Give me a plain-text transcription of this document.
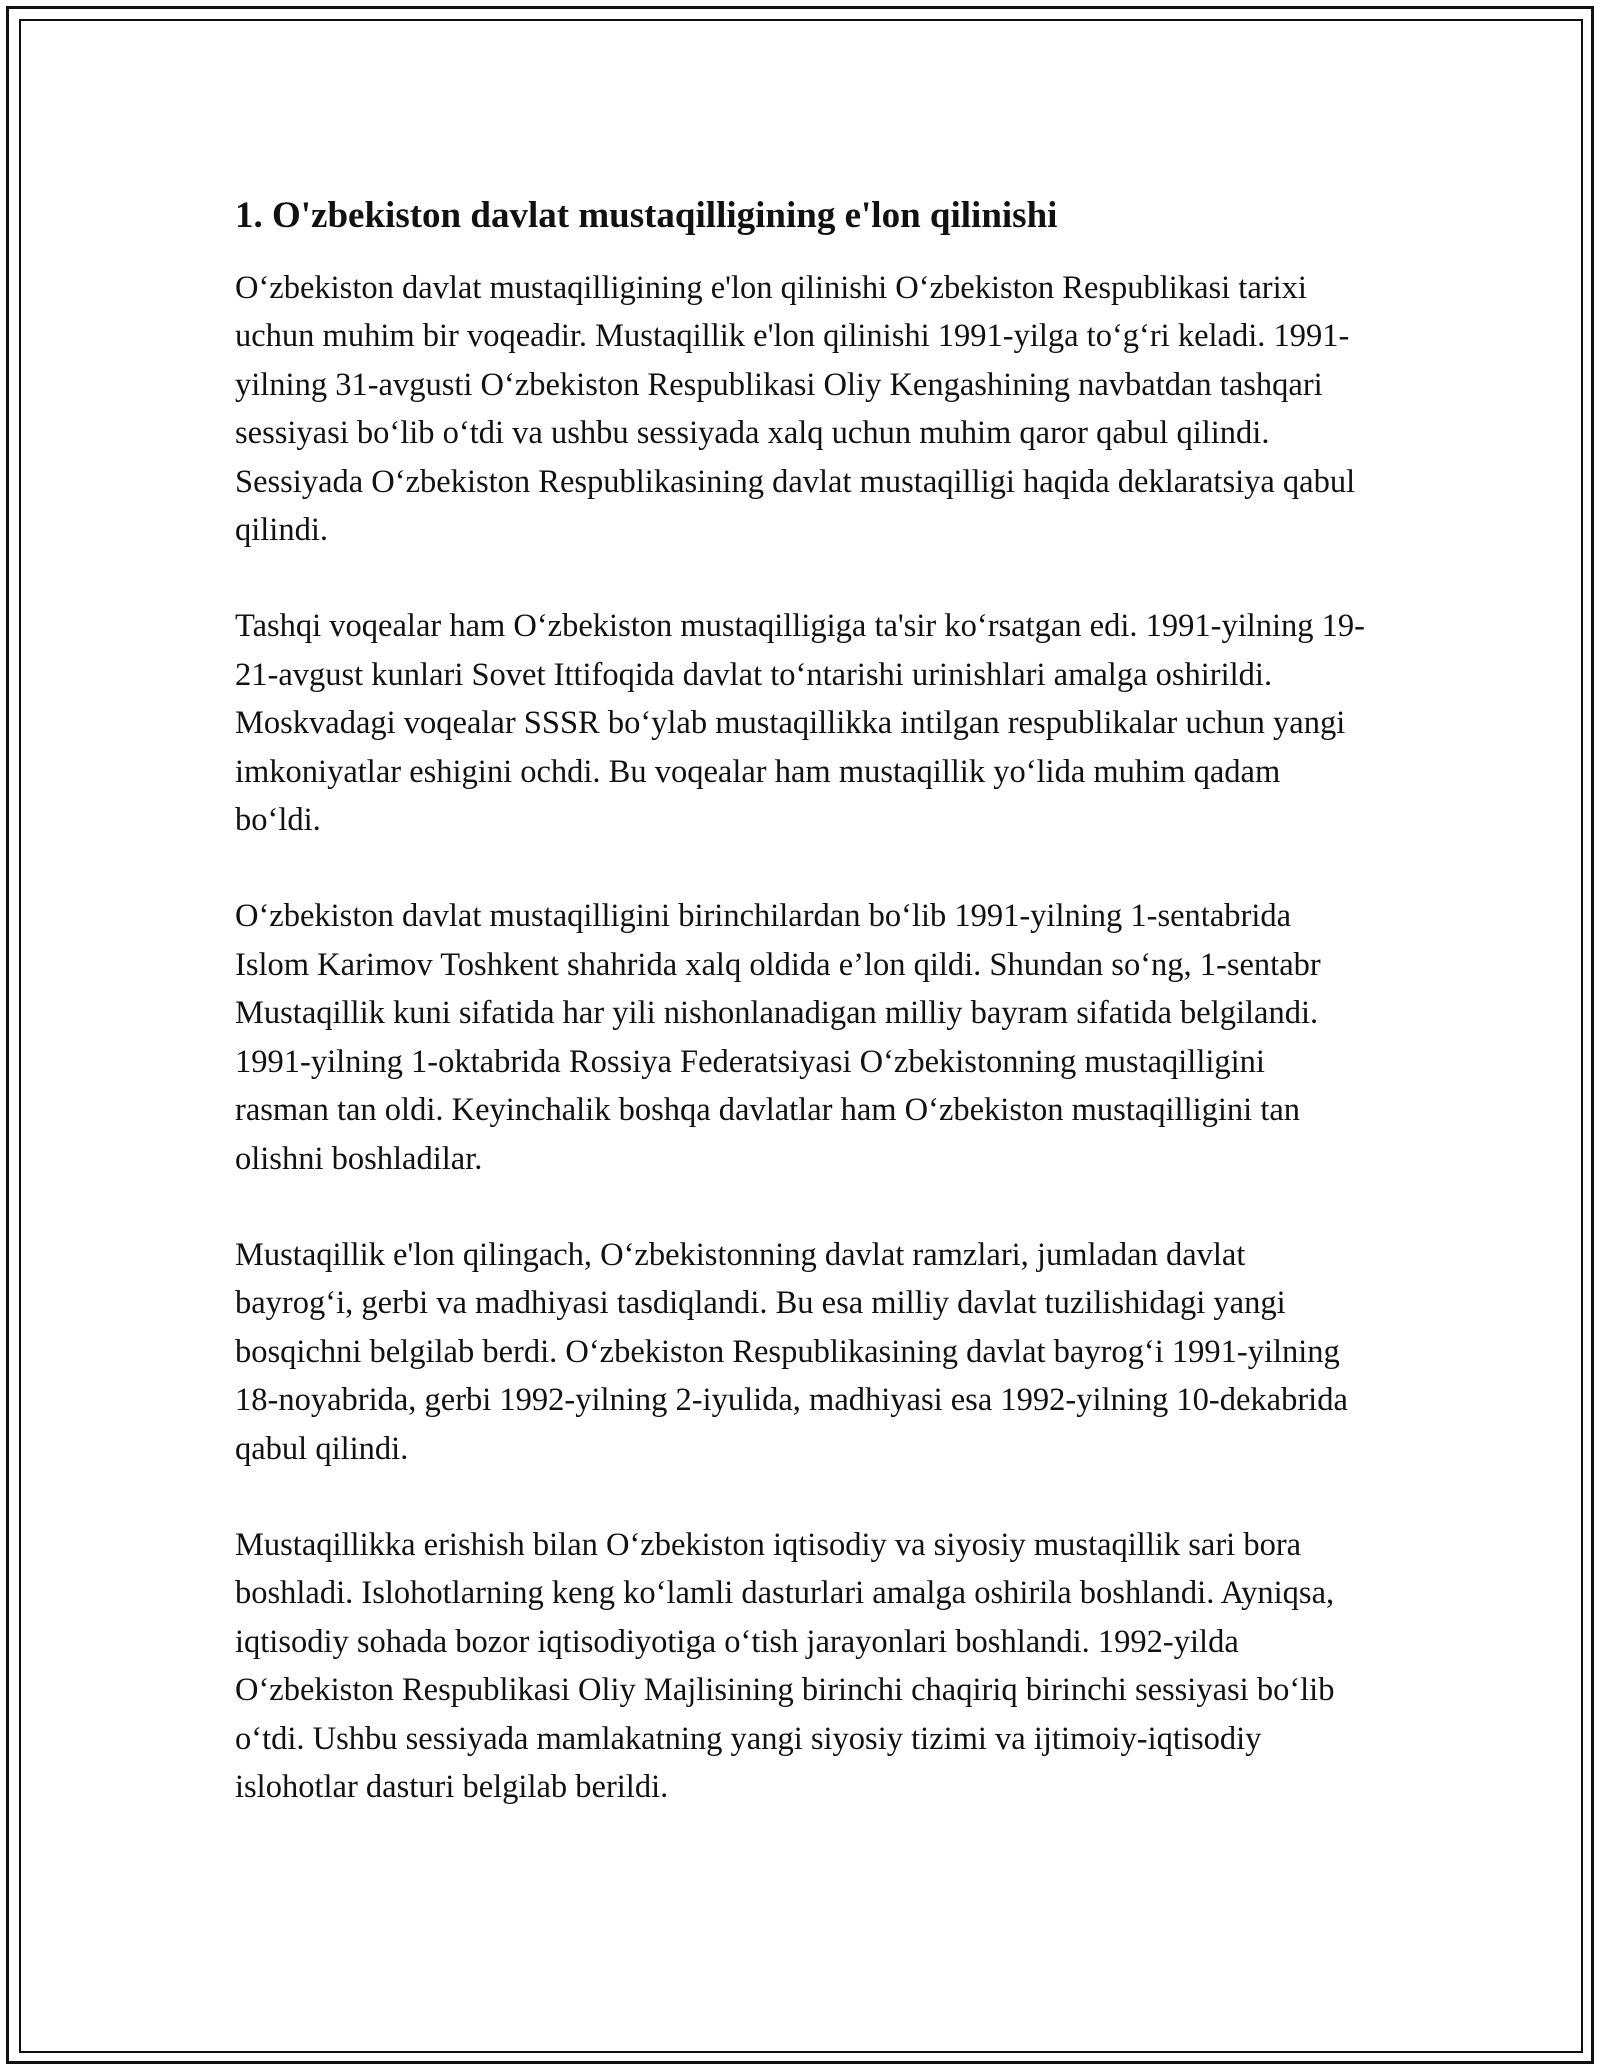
1. O'zbekiston davlat mustaqilligining e'lon qilinishi

O‘zbekiston davlat mustaqilligining e'lon qilinishi O‘zbekiston Respublikasi tarixi uchun muhim bir voqeadir. Mustaqillik e'lon qilinishi 1991-yilga to‘g‘ri keladi. 1991-yilning 31-avgusti O‘zbekiston Respublikasi Oliy Kengashining navbatdan tashqari sessiyasi bo‘lib o‘tdi va ushbu sessiyada xalq uchun muhim qaror qabul qilindi. Sessiyada O‘zbekiston Respublikasining davlat mustaqilligi haqida deklaratsiya qabul qilindi.

Tashqi voqealar ham O‘zbekiston mustaqilligiga ta'sir ko‘rsatgan edi. 1991-yilning 19-21-avgust kunlari Sovet Ittifoqida davlat to‘ntarishi urinishlari amalga oshirildi. Moskvadagi voqealar SSSR bo‘ylab mustaqillikka intilgan respublikalar uchun yangi imkoniyatlar eshigini ochdi. Bu voqealar ham mustaqillik yo‘lida muhim qadam bo‘ldi.

O‘zbekiston davlat mustaqilligini birinchilardan bo‘lib 1991-yilning 1-sentabrida Islom Karimov Toshkent shahrida xalq oldida e’lon qildi. Shundan so‘ng, 1-sentabr Mustaqillik kuni sifatida har yili nishonlanadigan milliy bayram sifatida belgilandi. 1991-yilning 1-oktabrida Rossiya Federatsiyasi O‘zbekistonning mustaqilligini rasman tan oldi. Keyinchalik boshqa davlatlar ham O‘zbekiston mustaqilligini tan olishni boshladilar.

Mustaqillik e'lon qilingach, O‘zbekistonning davlat ramzlari, jumladan davlat bayrog‘i, gerbi va madhiyasi tasdiqlandi. Bu esa milliy davlat tuzilishidagi yangi bosqichni belgilab berdi. O‘zbekiston Respublikasining davlat bayrog‘i 1991-yilning 18-noyabrida, gerbi 1992-yilning 2-iyulida, madhiyasi esa 1992-yilning 10-dekabrida qabul qilindi.

Mustaqillikka erishish bilan O‘zbekiston iqtisodiy va siyosiy mustaqillik sari bora boshladi. Islohotlarning keng ko‘lamli dasturlari amalga oshirila boshlandi. Ayniqsa, iqtisodiy sohada bozor iqtisodiyotiga o‘tish jarayonlari boshlandi. 1992-yilda O‘zbekiston Respublikasi Oliy Majlisining birinchi chaqiriq birinchi sessiyasi bo‘lib o‘tdi. Ushbu sessiyada mamlakatning yangi siyosiy tizimi va ijtimoiy-iqtisodiy islohotlar dasturi belgilab berildi.
